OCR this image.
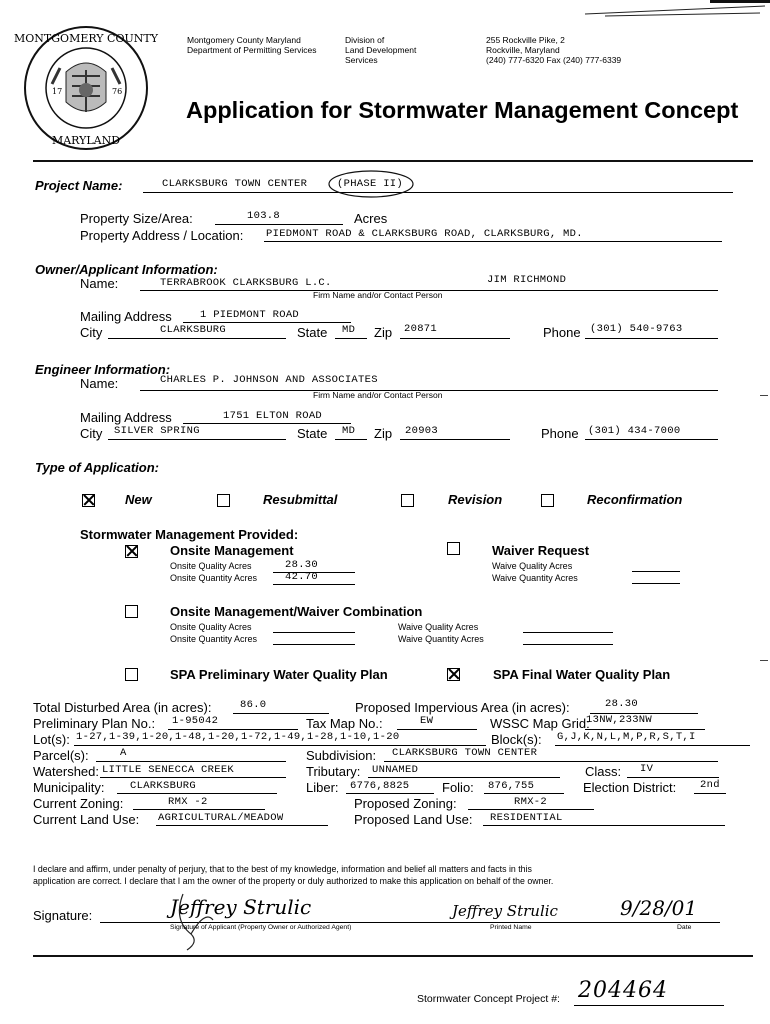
MONTGOMERY COUNTY
MARYLAND
17	76
Montgomery County Maryland
Department of Permitting Services
Division of
Land Development
Services
255 Rockville Pike, 2
Rockville, Maryland
(240) 777-6320 Fax (240) 777-6339
Application for Stormwater Management Concept
Project Name:	CLARKSBURG TOWN CENTER	(PHASE II)
Property Size/Area:	103.8	Acres
Property Address / Location: PIEDMONT ROAD & CLARKSBURG ROAD, CLARKSBURG, MD.
Owner/Applicant Information:
Name:	TERRABROOK CLARKSBURG L.C.	JIM RICHMOND
Firm Name and/or Contact Person
Mailing Address	1 PIEDMONT ROAD
City	CLARKSBURG	State MD Zip 20871	Phone (301) 540-9763
Engineer Information:
Name:	CHARLES P. JOHNSON AND ASSOCIATES
Firm Name and/or Contact Person
Mailing Address	1751 ELTON ROAD
City SILVER SPRING	State MD Zip 20903	Phone (301) 434-7000
Type of Application:
New	Resubmittal	Revision	Reconfirmation
Stormwater Management Provided:
Onsite Management
Onsite Quality Acres	28.30
Onsite Quantity Acres	42.70
Waiver Request
Waive Quality Acres
Waive Quantity Acres
Onsite Management/Waiver Combination
Onsite Quality Acres
Onsite Quantity Acres
Waive Quality Acres
Waive Quantity Acres
SPA Preliminary Water Quality Plan	SPA Final Water Quality Plan
Total Disturbed Area (in acres):	86.0	Proposed Impervious Area (in acres):	28.30
Preliminary Plan No.: 1-95042	Tax Map No.:	EW	WSSC Map Grid:
13NW,233NW
Lot(s): 1-27,1-39,1-20,1-48,1-20,1-72,1-49,1-28,1-10,1-20	Block(s): G,J,K,N,L,M,P,R,S,T,I
Parcel(s):	A	Subdivision: CLARKSBURG TOWN CENTER
Watershed: LITTLE SENECCA CREEK	Tributary: UNNAMED	Class: IV
Municipality: CLARKSBURG	Liber: 6776,8825	Folio: 876,755	Election District: 2nd
Current Zoning:	RMX -2	Proposed Zoning:	RMX-2
Current Land Use: AGRICULTURAL/MEADOW	Proposed Land Use: RESIDENTIAL
I declare and affirm, under penalty of perjury, that to the best of my knowledge, information and belief all matters and facts in this
application are correct. I declare that I am the owner of the property or duly authorized to make this application on behalf of the owner.
Signature:	Jeffrey Strulic
Signature of Applicant (Property Owner or Authorized Agent)
Jeffrey Strulic
Printed Name
9/28/01
Date
Stormwater Concept Project #: 204464
